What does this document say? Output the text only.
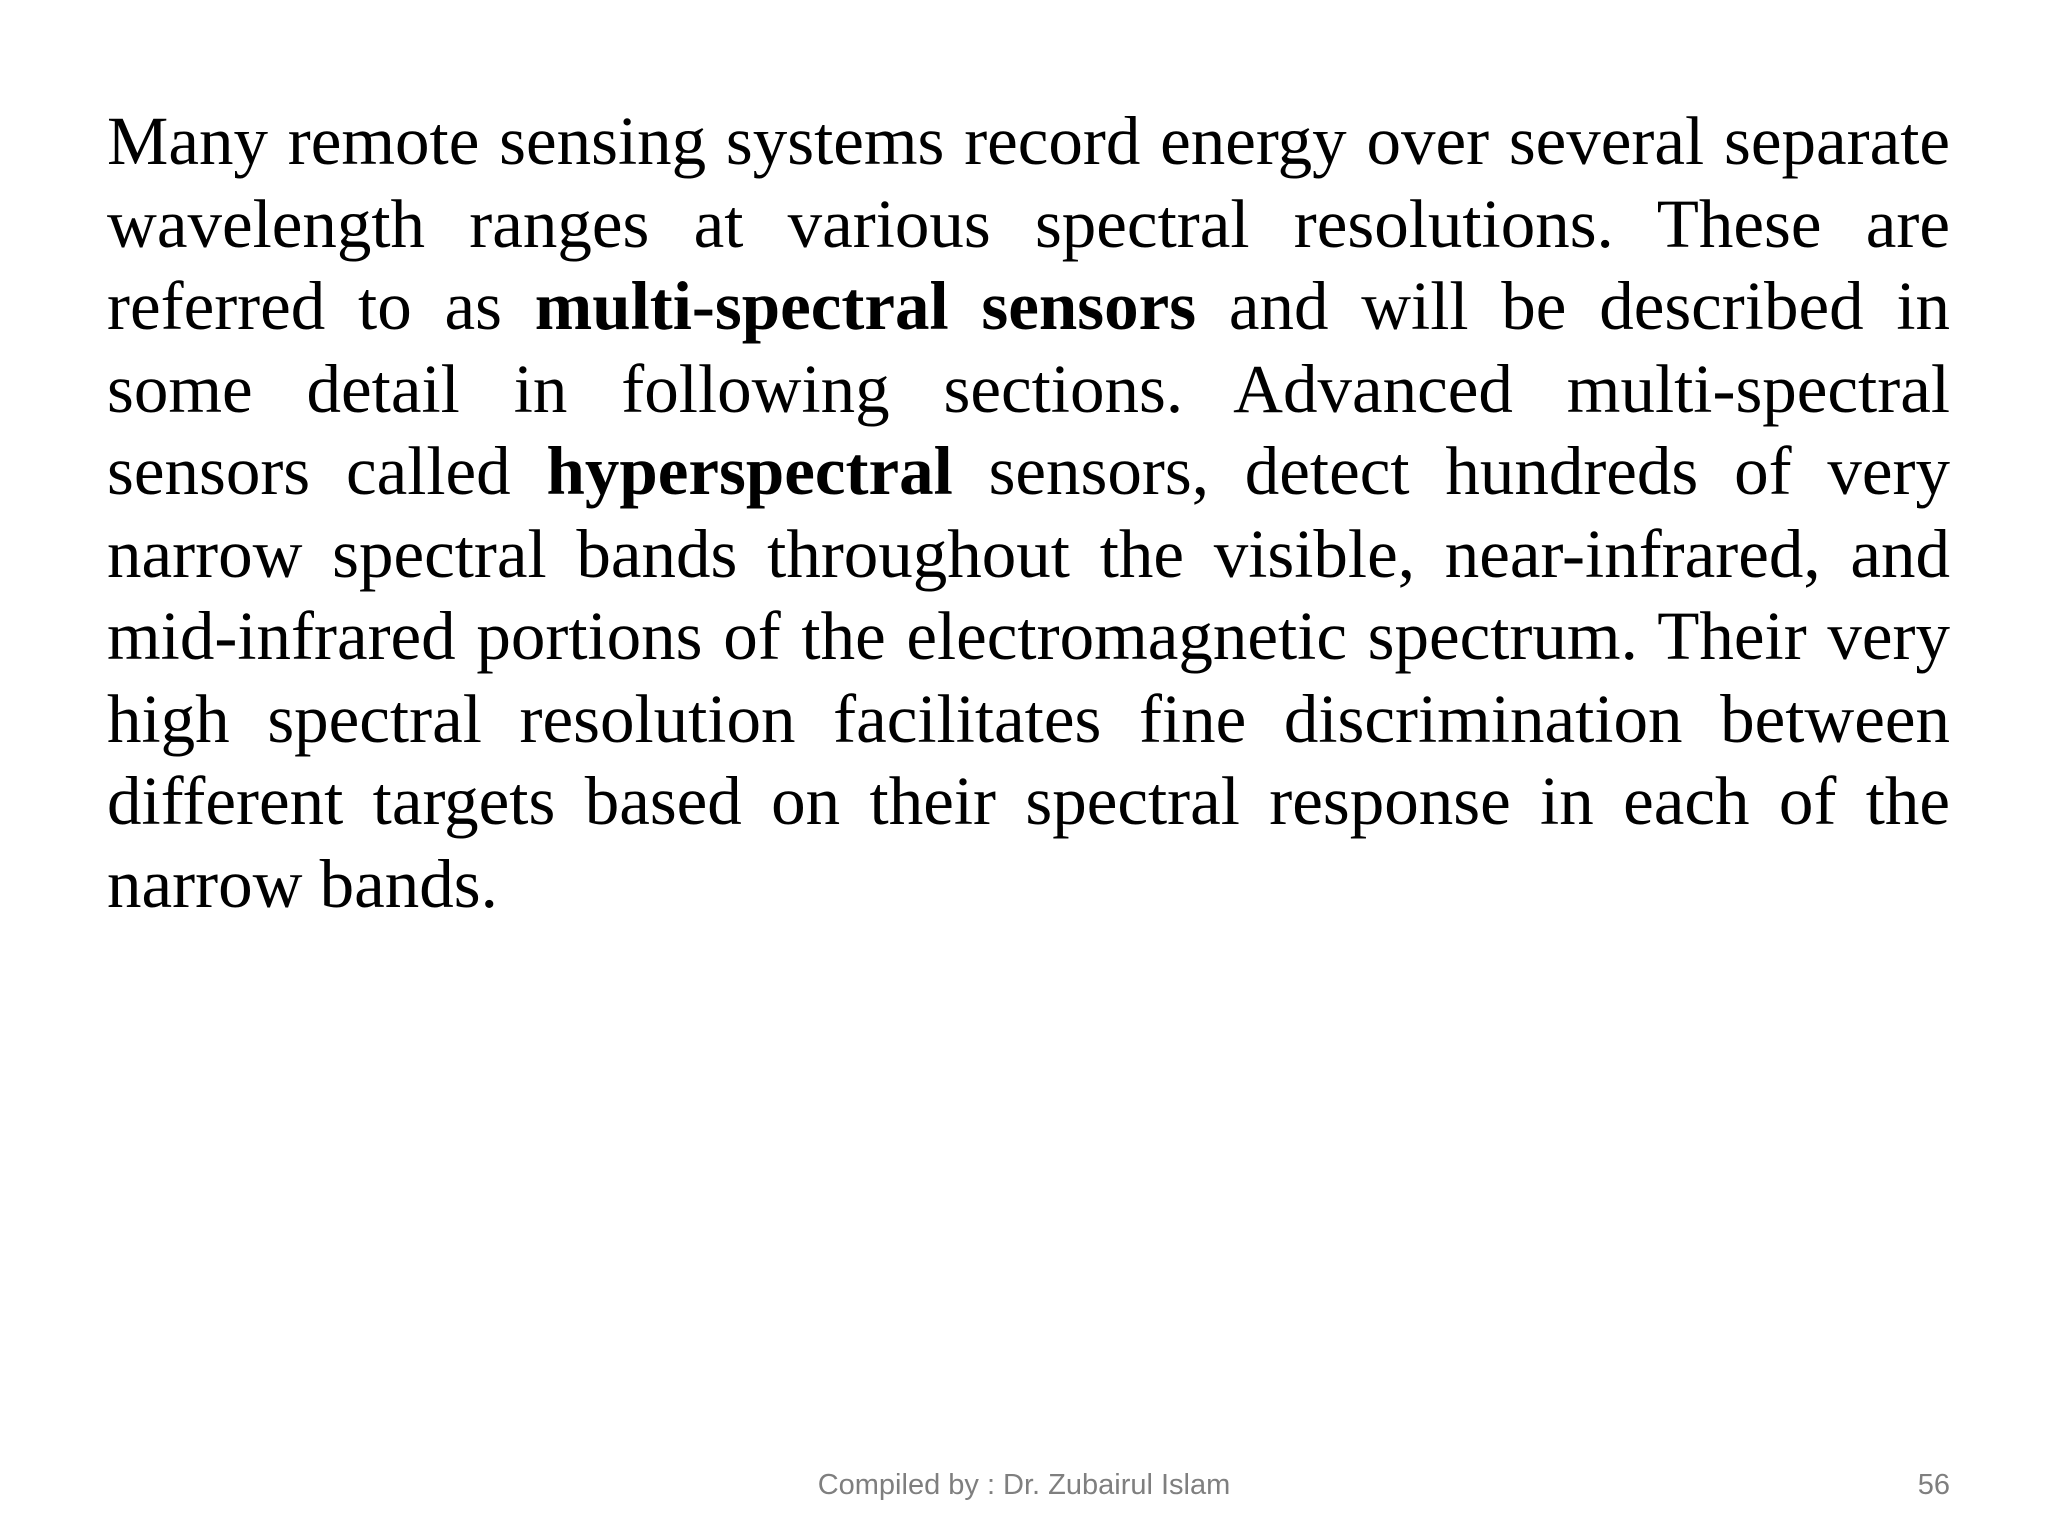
Many remote sensing systems record energy over several separate wavelength ranges at various spectral resolutions. These are referred to as multi-spectral sensors and will be described in some detail in following sections. Advanced multi-spectral sensors called hyperspectral sensors, detect hundreds of very narrow spectral bands throughout the visible, near-infrared, and mid-infrared portions of the electromagnetic spectrum. Their very high spectral resolution facilitates fine discrimination between different targets based on their spectral response in each of the narrow bands.

Compiled by : Dr. Zubairul Islam	56
